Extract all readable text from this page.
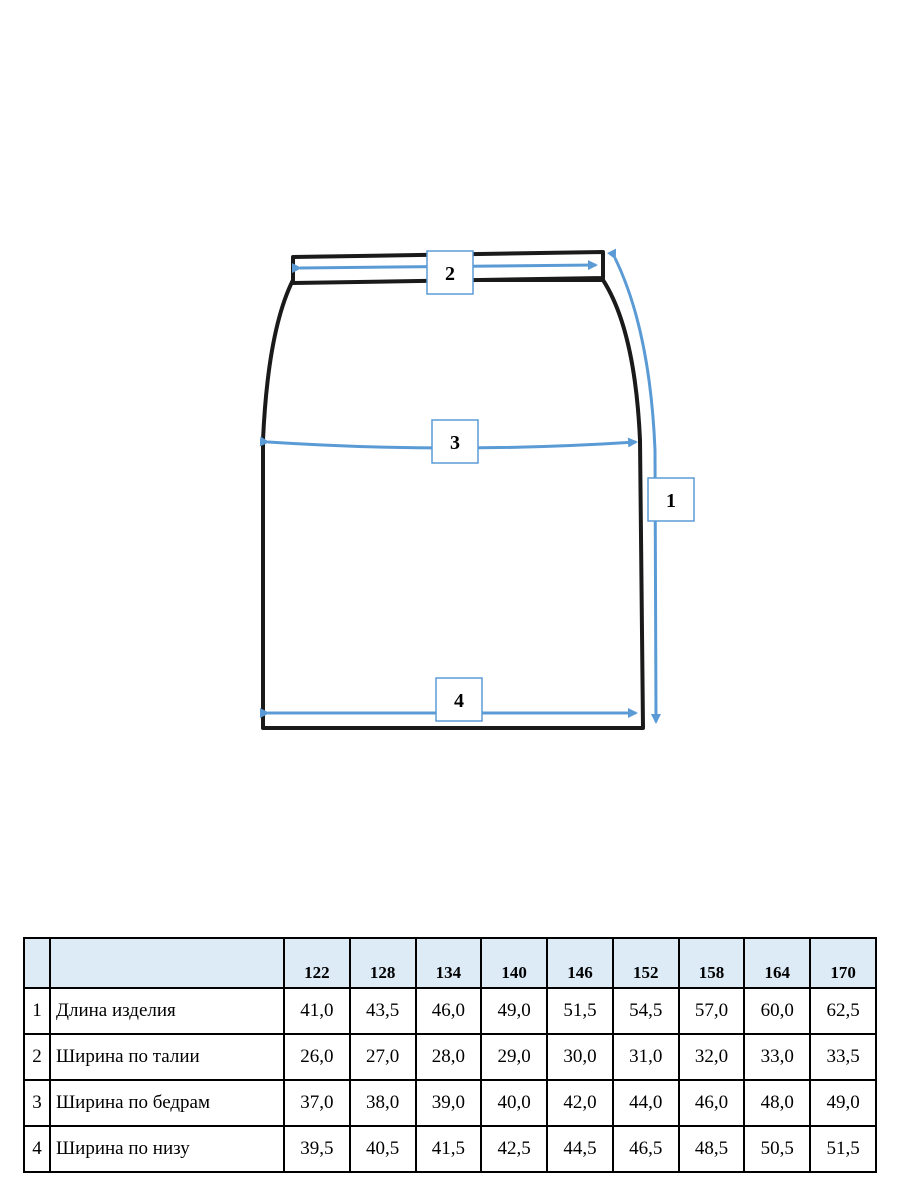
2
3
4
1
		122	128	134	140	146	152	158	164	170
1	Длина изделия	41,0	43,5	46,0	49,0	51,5	54,5	57,0	60,0	62,5
2	Ширина по талии	26,0	27,0	28,0	29,0	30,0	31,0	32,0	33,0	33,5
3	Ширина по бедрам	37,0	38,0	39,0	40,0	42,0	44,0	46,0	48,0	49,0
4	Ширина по низу	39,5	40,5	41,5	42,5	44,5	46,5	48,5	50,5	51,5
